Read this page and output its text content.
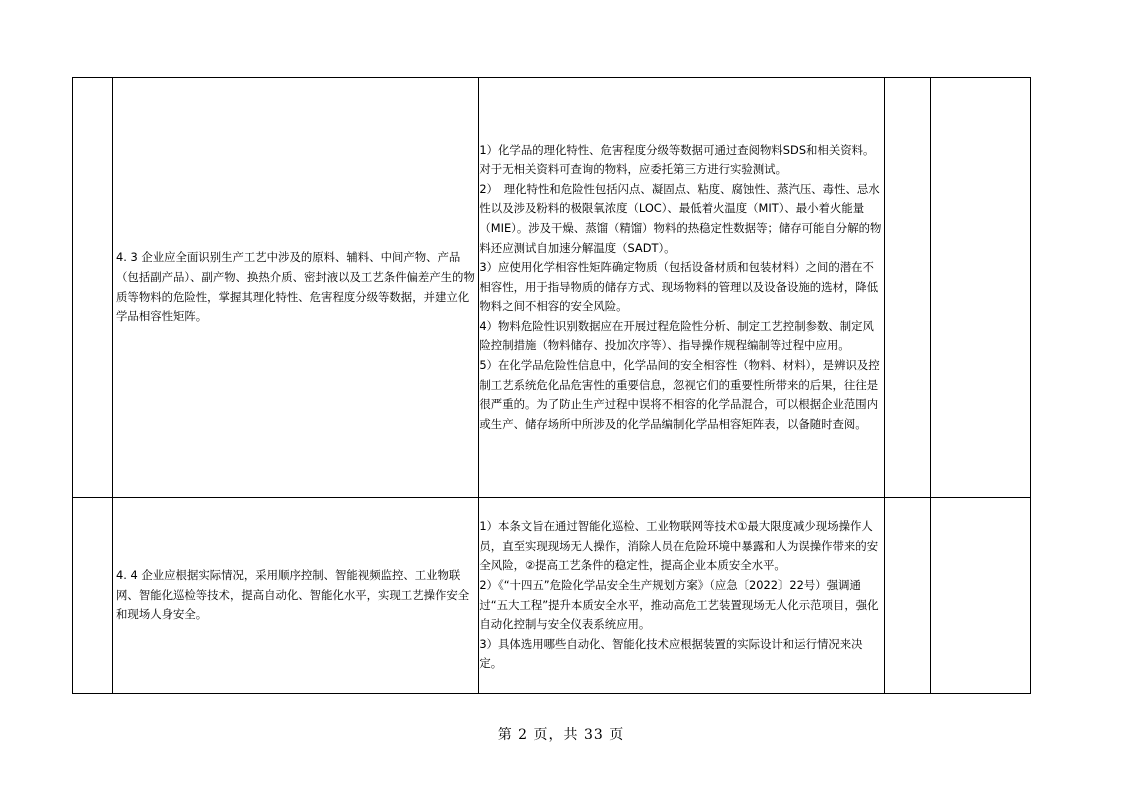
	4. 3 企业应全面识别生产工艺中涉及的原料、辅料、中间产物、产品（包括副产品）、副产物、换热介质、密封液以及工艺条件偏差产生的物质等物料的危险性，掌握其理化特性、危害程度分级等数据，并建立化学品相容性矩阵。	1）化学品的理化特性、危害程度分级等数据可通过查阅物料SDS和相关资料。对于无相关资料可查询的物料，应委托第三方进行实验测试。
2）　理化特性和危险性包括闪点、凝固点、粘度、腐蚀性、蒸汽压、毒性、忌水性以及涉及粉料的极限氧浓度（LOC）、最低着火温度（MIT）、最小着火能量（MIE）。涉及干燥、蒸馏（精馏）物料的热稳定性数据等；储存可能自分解的物料还应测试自加速分解温度（SADT）。
3）应使用化学相容性矩阵确定物质（包括设备材质和包装材料）之间的潜在不相容性，用于指导物质的储存方式、现场物料的管理以及设备设施的选材，降低物料之间不相容的安全风险。
4）物料危险性识别数据应在开展过程危险性分析、制定工艺控制参数、制定风险控制措施（物料储存、投加次序等）、指导操作规程编制等过程中应用。
5）在化学品危险性信息中，化学品间的安全相容性（物料、材料），是辨识及控制工艺系统危化品危害性的重要信息，忽视它们的重要性所带来的后果，往往是很严重的。为了防止生产过程中误将不相容的化学品混合，可以根据企业范围内或生产、储存场所中所涉及的化学品编制化学品相容矩阵表，以备随时查阅。		

	4. 4 企业应根据实际情况，采用顺序控制、智能视频监控、工业物联网、智能化巡检等技术，提高自动化、智能化水平，实现工艺操作安全和现场人身安全。	1）本条文旨在通过智能化巡检、工业物联网等技术①最大限度减少现场操作人员，直至实现现场无人操作，消除人员在危险环境中暴露和人为误操作带来的安全风险，②提高工艺条件的稳定性，提高企业本质安全水平。
2）《“十四五”危险化学品安全生产规划方案》（应急〔2022〕22号）强调通过“五大工程”提升本质安全水平，推动高危工艺装置现场无人化示范项目，强化自动化控制与安全仪表系统应用。
3）具体选用哪些自动化、智能化技术应根据装置的实际设计和运行情况来决定。		

第 2 页，共 33 页
